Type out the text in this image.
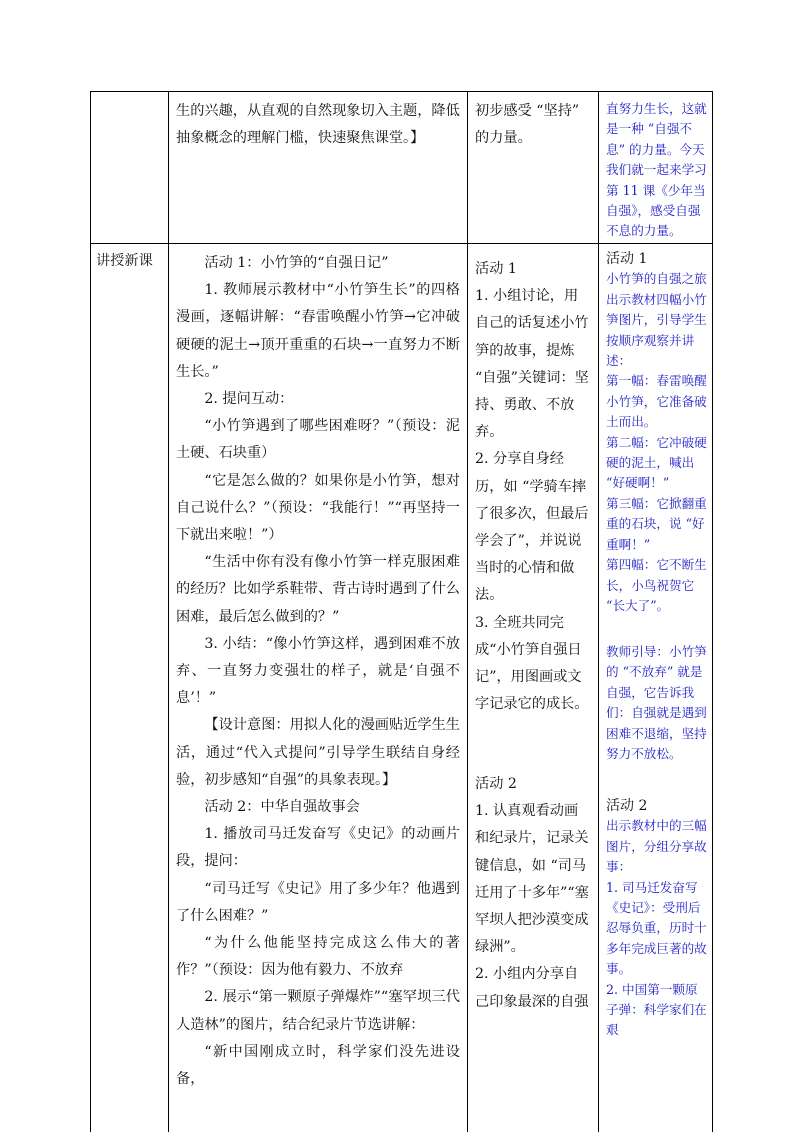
生的兴趣，从直观的自然现象切入主题，降低

抽象概念的理解门槛，快速聚焦课堂。】

初步感受 “坚持”

的力量。

直努力生长，这就

是一种 “自强不

息” 的力量。今天

我们就一起来学习

第 11 课《少年当

自强》，感受自强

不息的力量。

讲授新课	活动 1：小竹笋的“自强日记”

1. 教师展示教材中“小竹笋生长”的四格漫画，逐幅讲解：“春雷唤醒小竹笋→它冲破硬硬的泥土→顶开重重的石块→一直努力不断生长。”

2. 提问互动：

“小竹笋遇到了哪些困难呀？”（预设：泥土硬、石块重）

“它是怎么做的？如果你是小竹笋，想对自己说什么？”（预设：“我能行！”“再坚持一下就出来啦！”）

“生活中你有没有像小竹笋一样克服困难的经历？比如学系鞋带、背古诗时遇到了什么困难，最后怎么做到的？”

3. 小结：“像小竹笋这样，遇到困难不放弃、一直努力变强壮的样子，就是‘自强不息’！”

【设计意图：用拟人化的漫画贴近学生生活，通过“代入式提问”引导学生联结自身经验，初步感知“自强”的具象表现。】

活动 2：中华自强故事会

1. 播放司马迁发奋写《史记》的动画片段，提问：

“司马迁写《史记》用了多少年？他遇到了什么困难？”

“为什么他能坚持完成这么伟大的著作？”（预设：因为他有毅力、不放弃

2. 展示“第一颗原子弹爆炸”“塞罕坝三代人造林”的图片，结合纪录片节选讲解：

“新中国刚成立时，科学家们没先进设备，

活动 1

1. 小组讨论，用自己的话复述小竹笋的故事，提炼 “自强”关键词：坚持、勇敢、不放弃。

2. 分享自身经历，如 “学骑车摔了很多次，但最后学会了”，并说说当时的心情和做法。

3. 全班共同完成“小竹笋自强日记”，用图画或文字记录它的成长。

活动 2

1. 认真观看动画和纪录片，记录关键信息，如 “司马迁用了十多年”“塞罕坝人把沙漠变成绿洲”。

2. 小组内分享自己印象最深的自强

活动 1

小竹笋的自强之旅出示教材四幅小竹笋图片，引导学生按顺序观察并讲述：

第一幅：春雷唤醒小竹笋，它准备破土而出。

第二幅：它冲破硬硬的泥土，喊出 “好硬啊！”

第三幅：它掀翻重重的石块，说 “好重啊！”

第四幅：它不断生长，小鸟祝贺它 “长大了”。

教师引导：小竹笋的 “不放弃” 就是自强，它告诉我们：自强就是遇到困难不退缩，坚持努力不放松。

活动 2

出示教材中的三幅图片，分组分享故事：

1. 司马迁发奋写《史记》：受刑后忍辱负重，历时十多年完成巨著的故事。

2. 中国第一颗原子弹：科学家们在艰
